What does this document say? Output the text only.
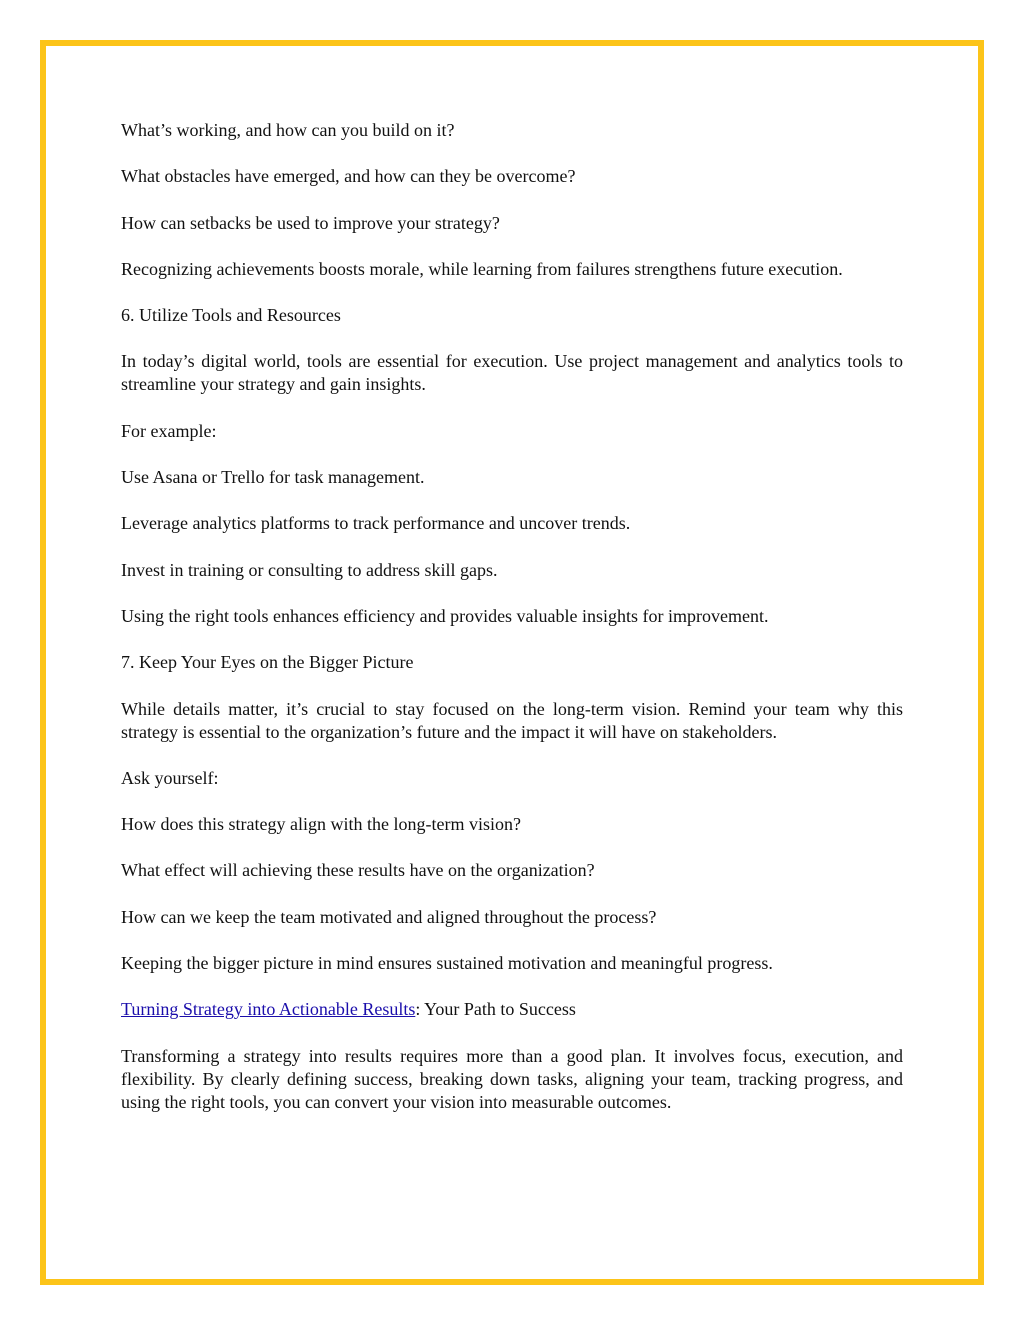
What’s working, and how can you build on it?

What obstacles have emerged, and how can they be overcome?

How can setbacks be used to improve your strategy?

Recognizing achievements boosts morale, while learning from failures strengthens future execution.

6. Utilize Tools and Resources

In today’s digital world, tools are essential for execution. Use project management and analytics tools to streamline your strategy and gain insights.

For example:

Use Asana or Trello for task management.

Leverage analytics platforms to track performance and uncover trends.

Invest in training or consulting to address skill gaps.

Using the right tools enhances efficiency and provides valuable insights for improvement.

7. Keep Your Eyes on the Bigger Picture

While details matter, it’s crucial to stay focused on the long-term vision. Remind your team why this strategy is essential to the organization’s future and the impact it will have on stakeholders.

Ask yourself:

How does this strategy align with the long-term vision?

What effect will achieving these results have on the organization?

How can we keep the team motivated and aligned throughout the process?

Keeping the bigger picture in mind ensures sustained motivation and meaningful progress.

Turning Strategy into Actionable Results: Your Path to Success

Transforming a strategy into results requires more than a good plan. It involves focus, execution, and flexibility. By clearly defining success, breaking down tasks, aligning your team, tracking progress, and using the right tools, you can convert your vision into measurable outcomes.
